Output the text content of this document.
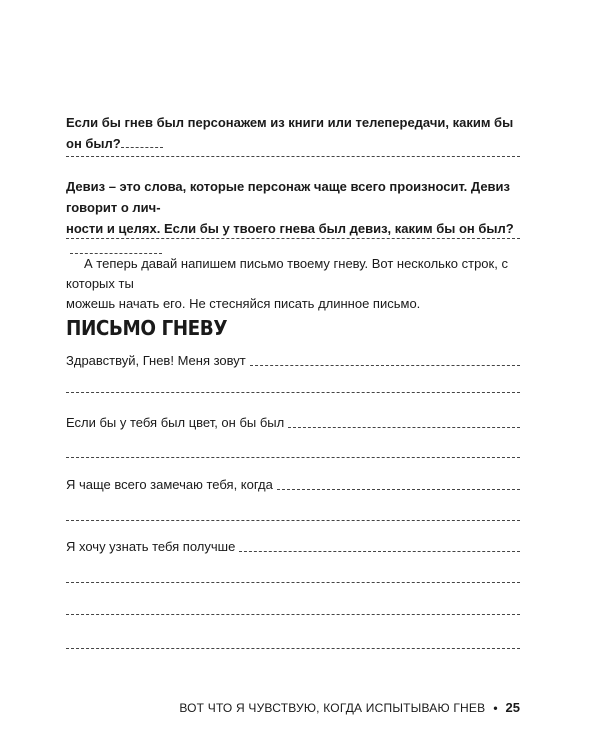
Если бы гнев был персонажем из книги или телепередачи, каким бы он был?
Девиз – это слова, которые персонаж чаще всего произносит. Девиз говорит о лич-
ности и целях. Если бы у твоего гнева был девиз, каким бы он был?

А теперь давай напишем письмо твоему гневу. Вот несколько строк, с которых ты

можешь начать его. Не стесняйся писать длинное письмо.
ПИСЬМО ГНЕВУ
Здравствуй, Гнев! Меня зовут
Если бы у тебя был цвет, он бы был
Я чаще всего замечаю тебя, когда
Я хочу узнать тебя получше
ВОТ ЧТО Я ЧУВСТВУЮ, КОГДА ИСПЫТЫВАЮ ГНЕВ • 25
